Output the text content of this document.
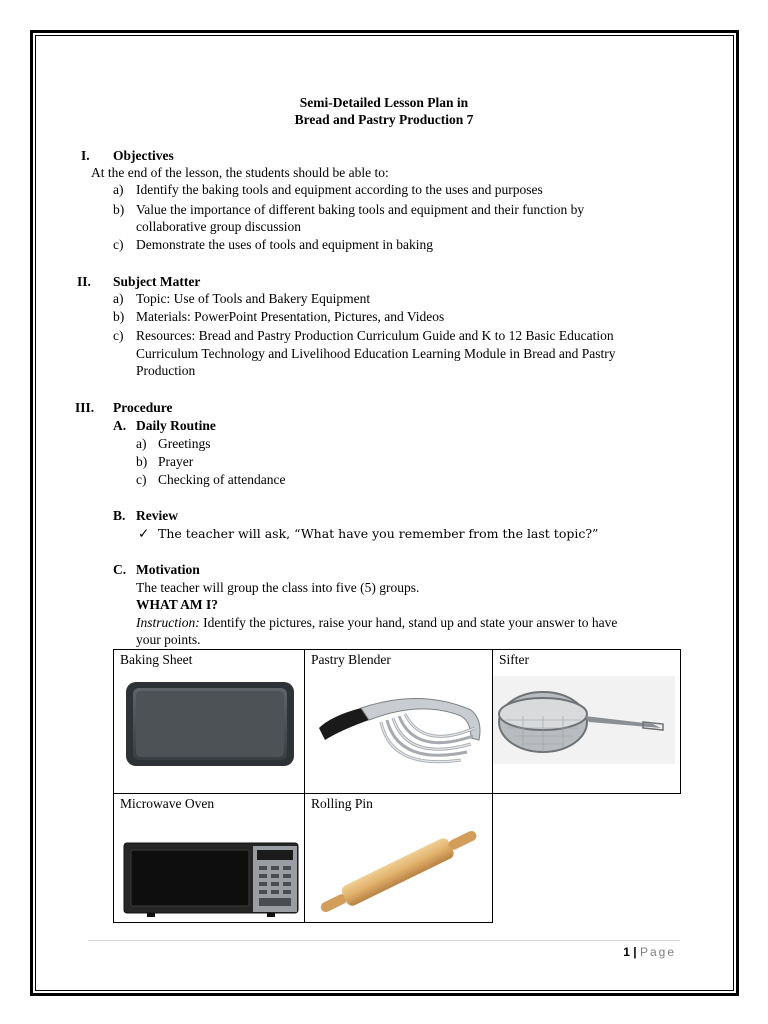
Semi-Detailed Lesson Plan in
Bread and Pastry Production 7
I. Objectives
At the end of the lesson, the students should be able to:
a) Identify the baking tools and equipment according to the uses and purposes
b) Value the importance of different baking tools and equipment and their function by
collaborative group discussion
c) Demonstrate the uses of tools and equipment in baking
II. Subject Matter
a) Topic: Use of Tools and Bakery Equipment
b) Materials: PowerPoint Presentation, Pictures, and Videos
c) Resources: Bread and Pastry Production Curriculum Guide and K to 12 Basic Education
Curriculum Technology and Livelihood Education Learning Module in Bread and Pastry
Production
III. Procedure
A. Daily Routine
a) Greetings
b) Prayer
c) Checking of attendance
B. Review
✓ The teacher will ask, “What have you remember from the last topic?”
C. Motivation
The teacher will group the class into five (5) groups.
WHAT AM I?
Instruction: Identify the pictures, raise your hand, stand up and state your answer to have
your points.
Baking Sheet	Pastry Blender	Sifter

Microwave Oven	Rolling Pin	
1 | Page
